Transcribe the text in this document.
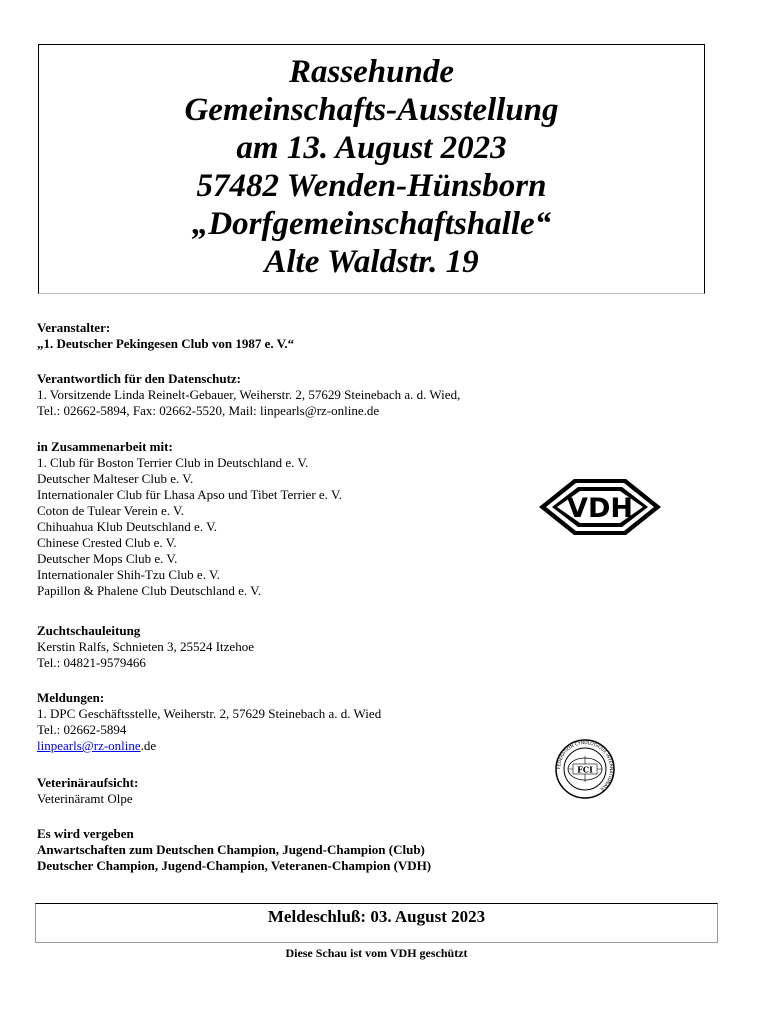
Rassehunde
Gemeinschafts-Ausstellung
am 13. August 2023
57482 Wenden-Hünsborn
„Dorfgemeinschaftshalle“
Alte Waldstr. 19
Veranstalter:
„1. Deutscher Pekingesen Club von 1987 e. V.“
Verantwortlich für den Datenschutz:
1. Vorsitzende Linda Reinelt-Gebauer, Weiherstr. 2, 57629 Steinebach a. d. Wied,
Tel.: 02662-5894, Fax: 02662-5520, Mail: linpearls@rz-online.de
in Zusammenarbeit mit:
1. Club für Boston Terrier Club in Deutschland e. V.
Deutscher Malteser Club e. V.
Internationaler Club für Lhasa Apso und Tibet Terrier e. V.
Coton de Tulear Verein e. V.
Chihuahua Klub Deutschland e. V.
Chinese Crested Club e. V.
Deutscher Mops Club e. V.
Internationaler Shih-Tzu Club e. V.
Papillon & Phalene Club Deutschland e. V.
Zuchtschauleitung
Kerstin Ralfs, Schnieten 3, 25524 Itzehoe
Tel.: 04821-9579466
Meldungen:
1. DPC Geschäftsstelle, Weiherstr. 2, 57629 Steinebach a. d. Wied
Tel.: 02662-5894
linpearls@rz-online.de
Veterinäraufsicht:
Veterinäramt Olpe
Es wird vergeben
Anwartschaften zum Deutschen Champion, Jugend-Champion (Club)
Deutscher Champion, Jugend-Champion, Veteranen-Champion (VDH)
VDH
FEDERATION CYNOLOGIQUE INTERNATIONALE
FCI
Meldeschluß: 03. August 2023
Diese Schau ist vom VDH geschützt
